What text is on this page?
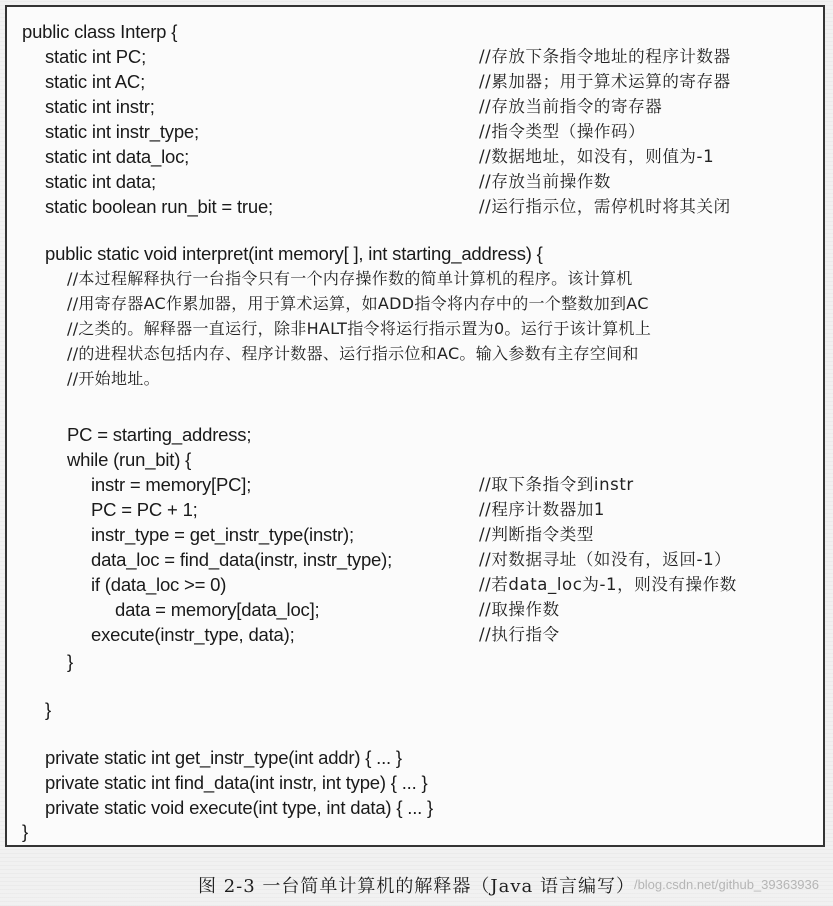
public class Interp {
static int PC;	//存放下条指令地址的程序计数器
static int AC;	//累加器；用于算术运算的寄存器
static int instr;	//存放当前指令的寄存器
static int instr_type;	//指令类型（操作码）
static int data_loc;	//数据地址，如没有，则值为-1
static int data;	//存放当前操作数
static boolean run_bit = true;	//运行指示位，需停机时将其关闭
public static void interpret(int memory[ ], int starting_address) {
//本过程解释执行一台指令只有一个内存操作数的简单计算机的程序。该计算机
//用寄存器AC作累加器，用于算术运算，如ADD指令将内存中的一个整数加到AC
//之类的。解释器一直运行，除非HALT指令将运行指示置为0。运行于该计算机上
//的进程状态包括内存、程序计数器、运行指示位和AC。输入参数有主存空间和
//开始地址。
PC = starting_address;
while (run_bit) {
instr = memory[PC];	//取下条指令到instr
PC = PC + 1;	//程序计数器加1
instr_type = get_instr_type(instr);	//判断指令类型
data_loc = find_data(instr, instr_type);	//对数据寻址（如没有，返回-1）
if (data_loc >= 0)	//若data_loc为-1，则没有操作数
data = memory[data_loc];	//取操作数
execute(instr_type, data);	//执行指令
}
}
private static int get_instr_type(int addr) { ... }
private static int find_data(int instr, int type) { ... }
private static void execute(int type, int data) { ... }
}
图 2-3 一台简单计算机的解释器（Java 语言编写）
/blog.csdn.net/github_39363936
